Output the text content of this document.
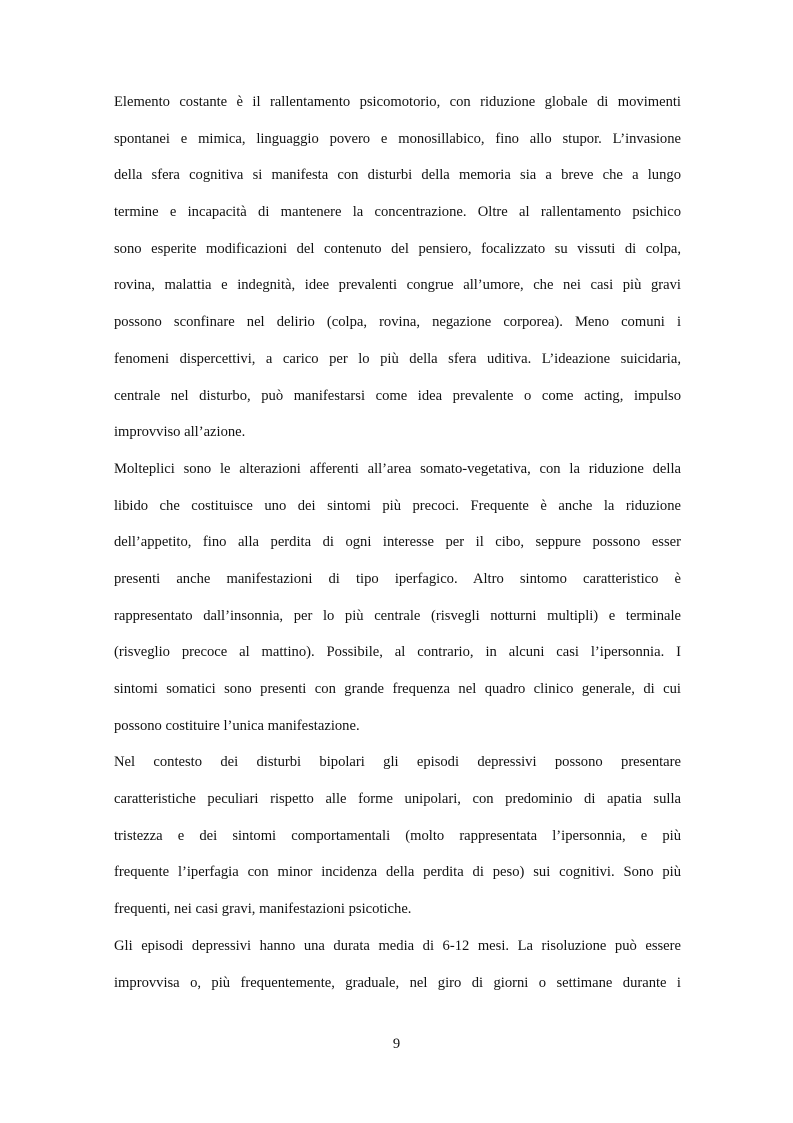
Elemento costante è il rallentamento psicomotorio, con riduzione globale di movimenti
spontanei e mimica, linguaggio povero e monosillabico, fino allo stupor. L’invasione
della sfera cognitiva si manifesta con disturbi della memoria sia a breve che a lungo
termine e incapacità di mantenere la concentrazione. Oltre al rallentamento psichico
sono esperite modificazioni del contenuto del pensiero, focalizzato su vissuti di colpa,
rovina, malattia e indegnità, idee prevalenti congrue all’umore, che nei casi più gravi
possono sconfinare nel delirio (colpa, rovina, negazione corporea). Meno comuni i
fenomeni dispercettivi, a carico per lo più della sfera uditiva. L’ideazione suicidaria,
centrale nel disturbo, può manifestarsi come idea prevalente o come acting, impulso
improvviso all’azione.
Molteplici sono le alterazioni afferenti all’area somato-vegetativa, con la riduzione della
libido che costituisce uno dei sintomi più precoci. Frequente è anche la riduzione
dell’appetito, fino alla perdita di ogni interesse per il cibo, seppure possono esser
presenti anche manifestazioni di tipo iperfagico. Altro sintomo caratteristico è
rappresentato dall’insonnia, per lo più centrale (risvegli notturni multipli) e terminale
(risveglio precoce al mattino). Possibile, al contrario, in alcuni casi l’ipersonnia. I
sintomi somatici sono presenti con grande frequenza nel quadro clinico generale, di cui
possono costituire l’unica manifestazione.
Nel contesto dei disturbi bipolari gli episodi depressivi possono presentare
caratteristiche peculiari rispetto alle forme unipolari, con predominio di apatia sulla
tristezza e dei sintomi comportamentali (molto rappresentata l’ipersonnia, e più
frequente l’iperfagia con minor incidenza della perdita di peso) sui cognitivi. Sono più
frequenti, nei casi gravi, manifestazioni psicotiche.
Gli episodi depressivi hanno una durata media di 6-12 mesi. La risoluzione può essere
improvvisa o, più frequentemente, graduale, nel giro di giorni o settimane durante i
9
